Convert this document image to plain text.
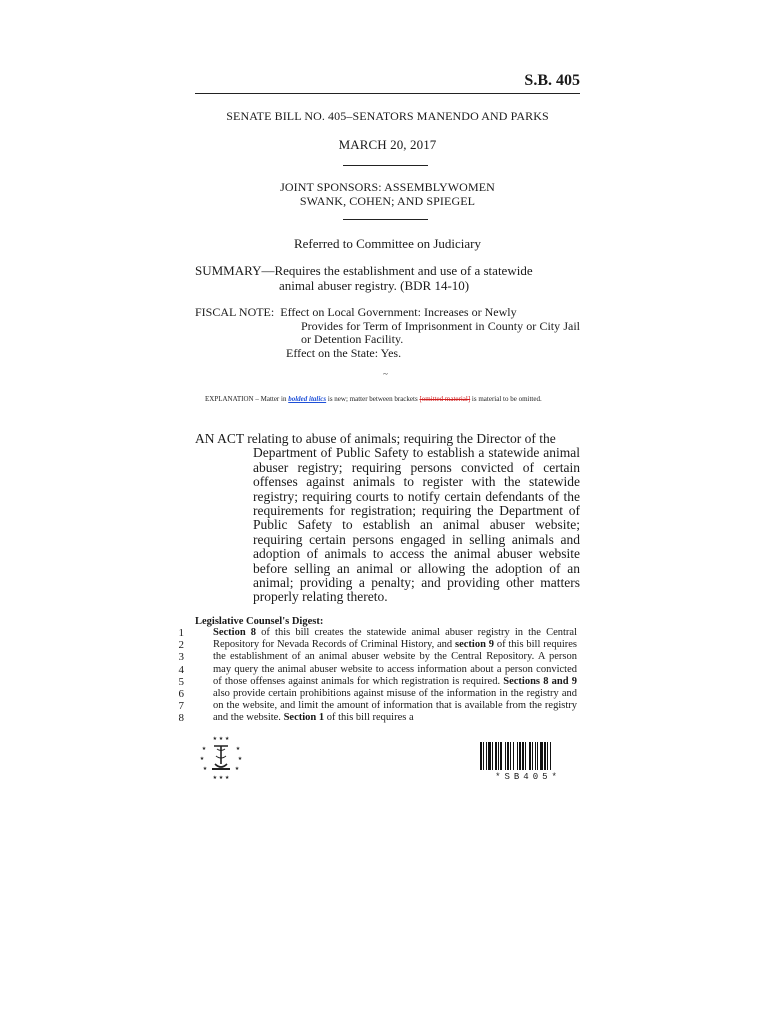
S.B. 405
SENATE BILL NO. 405–SENATORS MANENDO AND PARKS
MARCH 20, 2017
JOINT SPONSORS: ASSEMBLYWOMEN
SWANK, COHEN; AND SPIEGEL
Referred to Committee on Judiciary
SUMMARY—Requires the establishment and use of a statewide
animal abuser registry. (BDR 14-10)
FISCAL NOTE: Effect on Local Government: Increases or Newly
Provides for Term of Imprisonment in County or City Jail or Detention Facility.
Effect on the State: Yes.
~
EXPLANATION – Matter in bolded italics is new; matter between brackets [omitted material] is material to be omitted.
AN ACT relating to abuse of animals; requiring the Director of the
Department of Public Safety to establish a statewide animal abuser registry; requiring persons convicted of certain offenses against animals to register with the statewide registry; requiring courts to notify certain defendants of the requirements for registration; requiring the Department of Public Safety to establish an animal abuser website; requiring certain persons engaged in selling animals and adoption of animals to access the animal abuser website before selling an animal or allowing the adoption of an animal; providing a penalty; and providing other matters properly relating thereto.
Legislative Counsel's Digest:
1
2
3
4
5
6
7
8
Section 8 of this bill creates the statewide animal abuser registry in the Central Repository for Nevada Records of Criminal History, and section 9 of this bill requires the establishment of an animal abuser website by the Central Repository. A person may query the animal abuser website to access information about a person convicted of those offenses against animals for which registration is required. Sections 8 and 9 also provide certain prohibitions against misuse of the information in the registry and on the website, and limit the amount of information that is available from the registry and the website. Section 1 of this bill requires a
★ ★ ★
★	★
★	★
★	★
★ ★ ★	*SB405*
